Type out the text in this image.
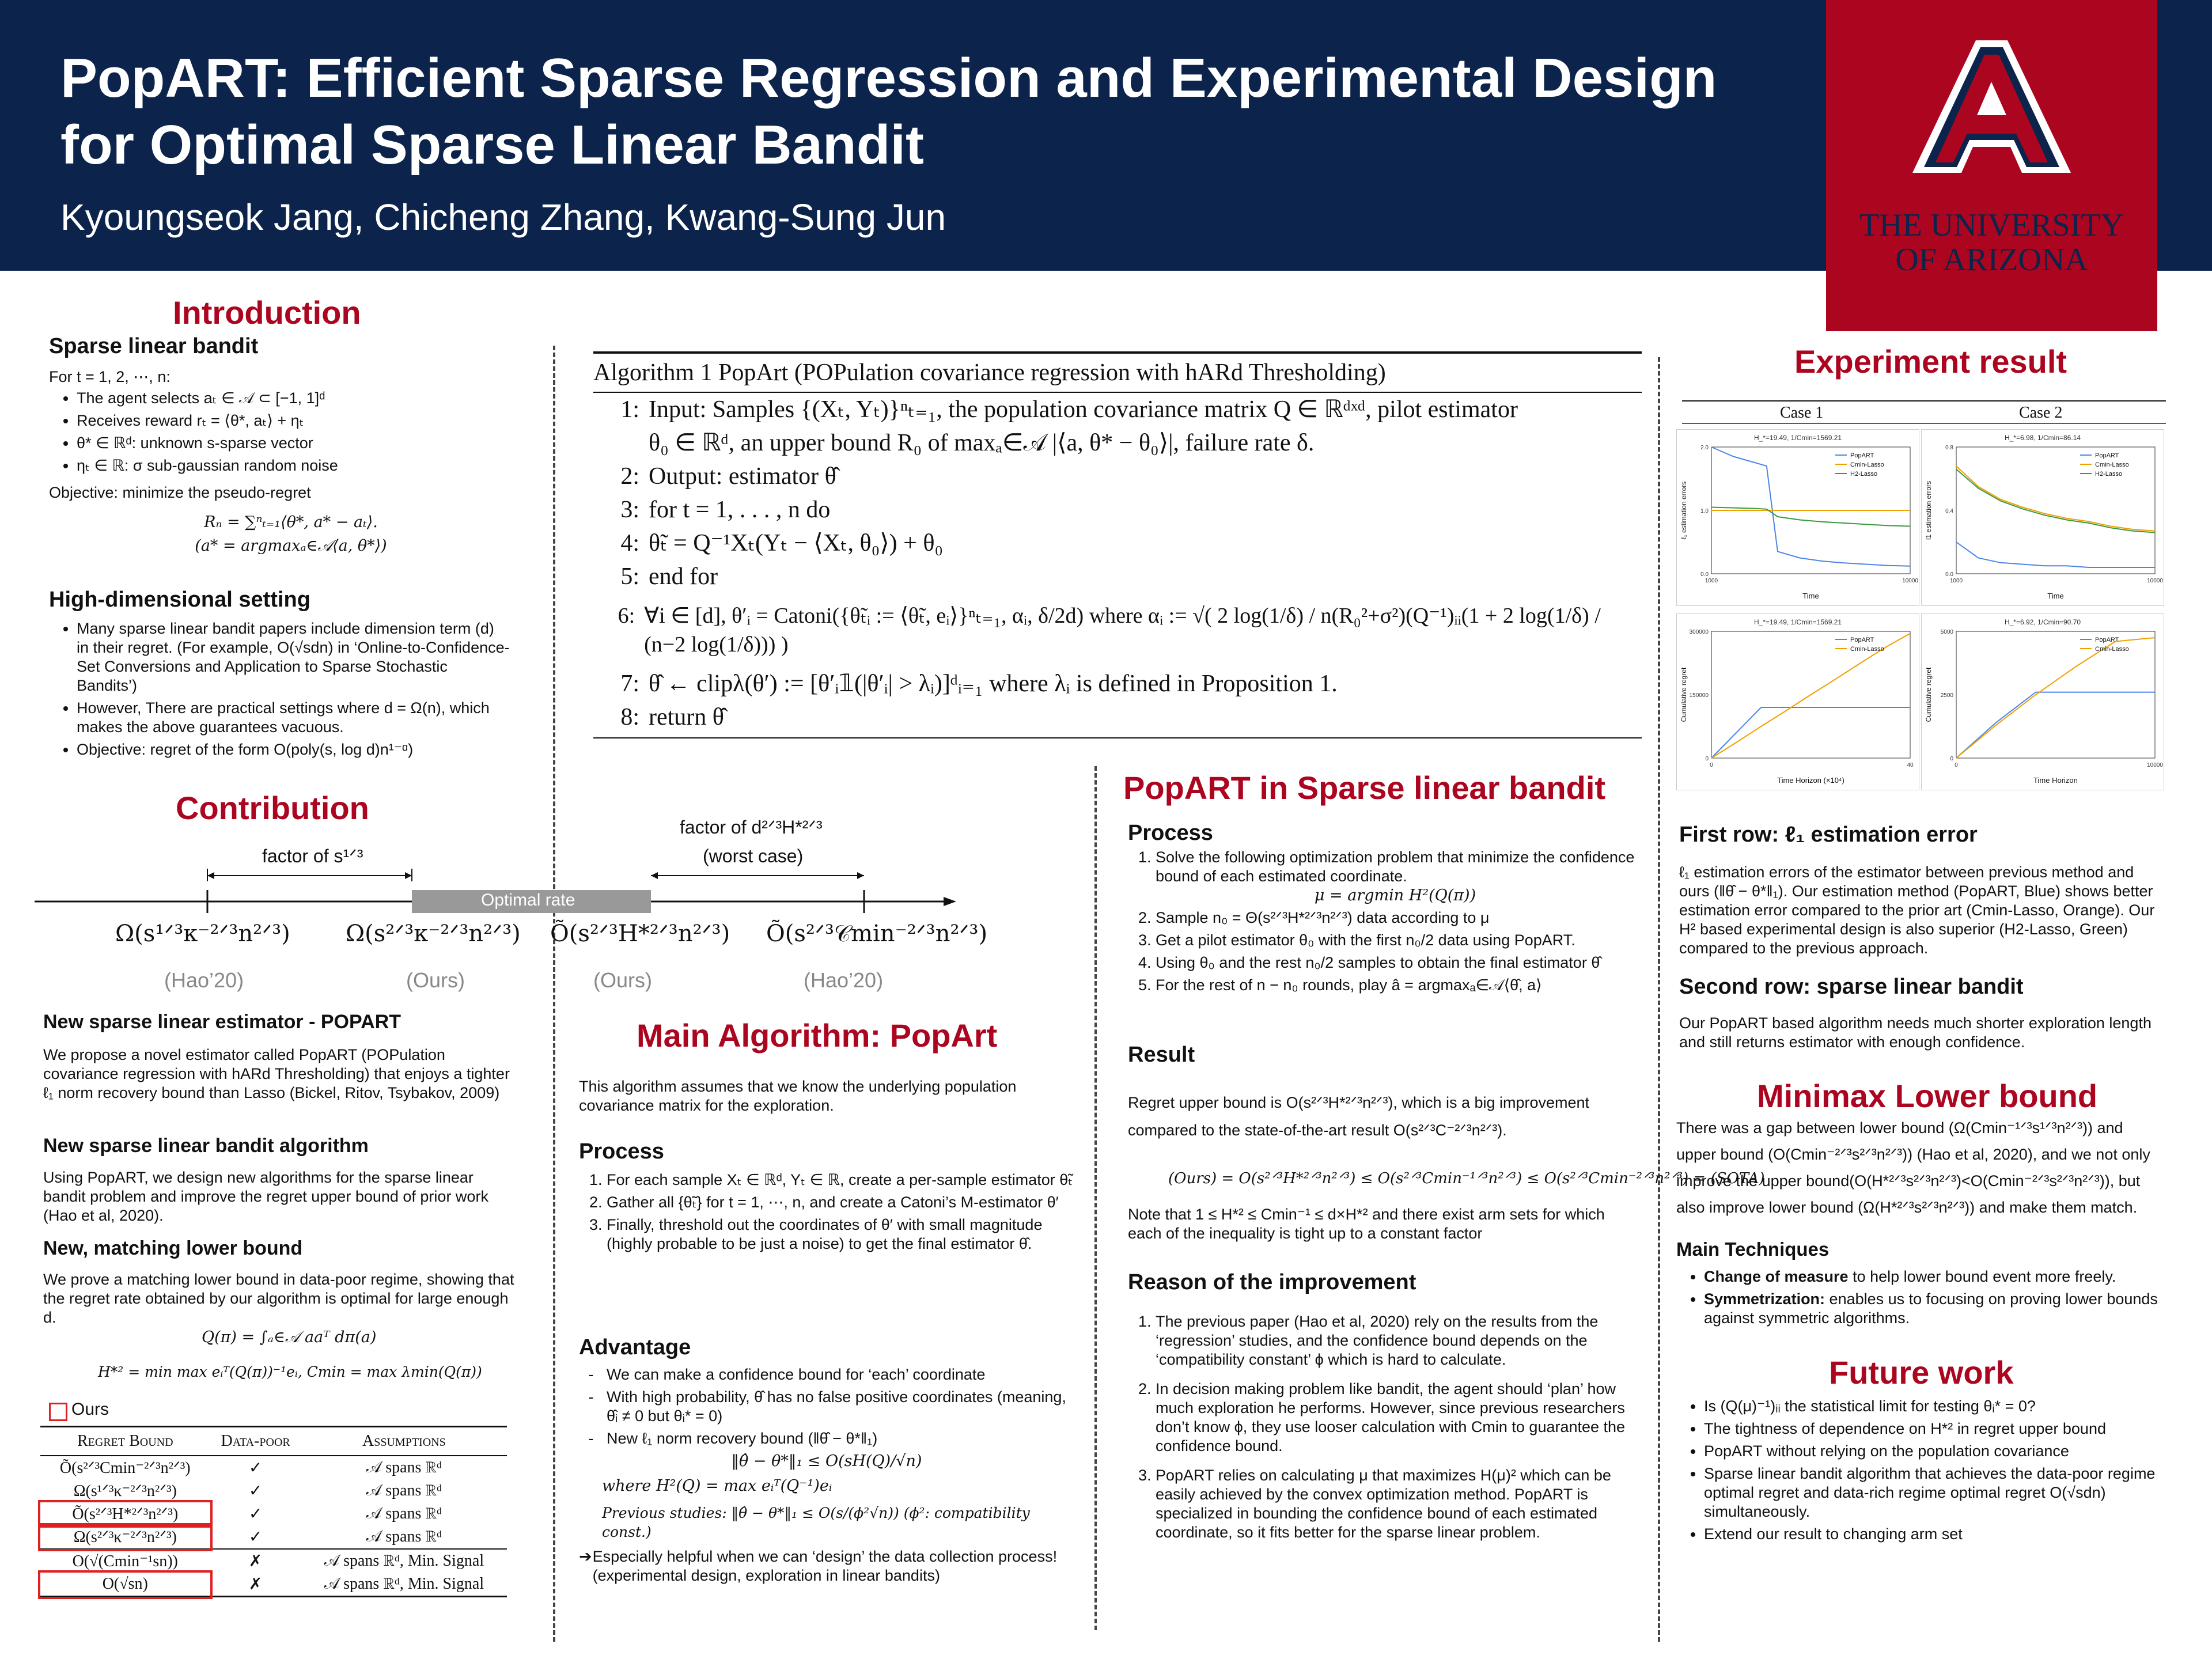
PopART: Efficient Sparse Regression and Experimental Design for Optimal Sparse Linear Bandit
Kyoungseok Jang, Chicheng Zhang, Kwang-Sung Jun	THE UNIVERSITY
OF ARIZONA
Introduction
Sparse linear bandit
For t = 1, 2, ⋯, n:
• The agent selects aₜ ∈ 𝒜 ⊂ [−1, 1]ᵈ
• Receives reward rₜ = ⟨θ*, aₜ⟩ + ηₜ
• θ* ∈ ℝᵈ: unknown s-sparse vector
• ηₜ ∈ ℝ: σ sub-gaussian random noise
Objective: minimize the pseudo-regret
Rₙ = ∑ⁿₜ₌₁⟨θ*, a* − aₜ⟩.
(a* = argmaxₐ∈𝒜⟨a, θ*⟩)
High-dimensional setting
• Many sparse linear bandit papers include dimension term (d) in their regret. (For example, O(√sdn) in ‘Online-to-Confidence-Set Conversions and Application to Sparse Stochastic Bandits’)
• However, There are practical settings where d = Ω(n), which makes the above guarantees vacuous.
• Objective: regret of the form O(poly(s, log d)n¹⁻ᵅ)
Contribution
factor of s¹ᐟ³
factor of d²ᐟ³H*²ᐟ³
(worst case)
Optimal rate
Ω(s¹ᐟ³κ⁻²ᐟ³n²ᐟ³) Ω(s²ᐟ³κ⁻²ᐟ³n²ᐟ³) Õ(s²ᐟ³H*²ᐟ³n²ᐟ³) Õ(s²ᐟ³𝒞min⁻²ᐟ³n²ᐟ³)
(Hao’20)	(Ours)	(Ours)	(Hao’20)
New sparse linear estimator - POPART
We propose a novel estimator called PopART (POPulation covariance regression with hARd Thresholding) that enjoys a tighter ℓ₁ norm recovery bound than Lasso (Bickel, Ritov, Tsybakov, 2009)
New sparse linear bandit algorithm
Using PopART, we design new algorithms for the sparse linear bandit problem and improve the regret upper bound of prior work (Hao et al, 2020).
New, matching lower bound
We prove a matching lower bound in data-poor regime, showing that the regret rate obtained by our algorithm is optimal for large enough d.
Q(π) = ∫ₐ∈𝒜 aaᵀ dπ(a)
H*² = min max eᵢᵀ(Q(π))⁻¹eᵢ, Cmin = max λmin(Q(π))
Ours
Regret Bound	Data-poor	Assumptions
Õ(s²ᐟ³Cmin⁻²ᐟ³n²ᐟ³)	✓	𝒜 spans ℝᵈ
Ω(s¹ᐟ³κ⁻²ᐟ³n²ᐟ³)	✓	𝒜 spans ℝᵈ
Õ(s²ᐟ³H*²ᐟ³n²ᐟ³)	✓	𝒜 spans ℝᵈ
Ω(s²ᐟ³κ⁻²ᐟ³n²ᐟ³)	✓	𝒜 spans ℝᵈ
O(√(Cmin⁻¹sn))	✗	𝒜 spans ℝᵈ, Min. Signal
O(√sn)	✗	𝒜 spans ℝᵈ, Min. Signal
Algorithm 1 PopArt (POPulation covariance regression with hARd Thresholding)
1: Input: Samples {(Xₜ, Yₜ)}ⁿₜ₌₁, the population covariance matrix Q ∈ ℝᵈˣᵈ, pilot estimator
θ₀ ∈ ℝᵈ, an upper bound R₀ of maxₐ∈𝒜 |⟨a, θ* − θ₀⟩|, failure rate δ.
2: Output: estimator θ̂
3: for t = 1, . . . , n do
4: θ̃ₜ = Q⁻¹Xₜ(Yₜ − ⟨Xₜ, θ₀⟩) + θ₀
5: end for
6: ∀i ∈ [d], θ′ᵢ = Catoni({θ̃ₜᵢ := ⟨θ̃ₜ, eᵢ⟩}ⁿₜ₌₁, αᵢ, δ/2d) where αᵢ := √( 2 log(1/δ) / n(R₀²+σ²)(Q⁻¹)ᵢᵢ(1 + 2 log(1/δ) / (n−2 log(1/δ))) )
7: θ̂ ← clipλ(θ′) := [θ′ᵢ𝟙(|θ′ᵢ| > λᵢ)]ᵈᵢ₌₁ where λᵢ is defined in Proposition 1.
8: return θ̂
Main Algorithm: PopArt
This algorithm assumes that we know the underlying population covariance matrix for the exploration.
Process
1. For each sample Xₜ ∈ ℝᵈ, Yₜ ∈ ℝ, create a per-sample estimator θ̃ₜ
2. Gather all {θ̃ₜ} for t = 1, ⋯, n, and create a Catoni’s M-estimator θ′
3. Finally, threshold out the coordinates of θ′ with small magnitude (highly probable to be just a noise) to get the final estimator θ̂.
Advantage
- We can make a confidence bound for ‘each’ coordinate
- With high probability, θ̂ has no false positive coordinates (meaning, θ̂ᵢ ≠ 0 but θᵢ* = 0)
- New ℓ₁ norm recovery bound (‖θ̂ − θ*‖₁)
‖θ̂ − θ*‖₁ ≤ O(sH(Q)/√n)
where H²(Q) = max eᵢᵀ(Q⁻¹)eᵢ
Previous studies: ‖θ̂ − θ*‖₁ ≤ O(s/(ϕ²√n)) (ϕ²: compatibility const.)
➔ Especially helpful when we can ‘design’ the data collection process! (experimental design, exploration in linear bandits)
PopART in Sparse linear bandit
Process
1. Solve the following optimization problem that minimize the confidence bound of each estimated coordinate.
μ = argmin H²(Q(π))
2. Sample n₀ = Θ(s²ᐟ³H*²ᐟ³n²ᐟ³) data according to μ
3. Get a pilot estimator θ₀ with the first n₀/2 data using PopART.
4. Using θ₀ and the rest n₀/2 samples to obtain the final estimator θ̂
5. For the rest of n − n₀ rounds, play â = argmaxₐ∈𝒜⟨θ̂, a⟩
Result
Regret upper bound is O(s²ᐟ³H*²ᐟ³n²ᐟ³), which is a big improvement compared to the state-of-the-art result O(s²ᐟ³C⁻²ᐟ³n²ᐟ³).
(Ours) = O(s²ᐟ³H*²ᐟ³n²ᐟ³) ≤ O(s²ᐟ³Cmin⁻¹ᐟ³n²ᐟ³) ≤ O(s²ᐟ³Cmin⁻²ᐟ³n²ᐟ³) = (SOTA)
Note that 1 ≤ H*² ≤ Cmin⁻¹ ≤ d×H*² and there exist arm sets for which each of the inequality is tight up to a constant factor
Reason of the improvement
1. The previous paper (Hao et al, 2020) rely on the results from the ‘regression’ studies, and the confidence bound depends on the ‘compatibility constant’ ϕ which is hard to calculate.
2. In decision making problem like bandit, the agent should ‘plan’ how much exploration he performs. However, since previous researchers don’t know ϕ, they use looser calculation with Cmin to guarantee the confidence bound.
3. PopART relies on calculating μ that maximizes H(μ)² which can be easily achieved by the convex optimization method. PopART is specialized in bounding the confidence bound of each estimated coordinate, so it fits better for the sparse linear problem.
Experiment result
Case 1	Case 2
H_*=19.49, 1/Cmin=1569.21
Time
ℓ₁ estimation errors
0.0
1.0
2.0
1000	10000
PopART
Cmin-Lasso
H2-Lasso
H_*=6.98, 1/Cmin=86.14
Time
l1 estimation errors
0.0
0.4
0.8
1000	10000
PopART
Cmin-Lasso
H2-Lasso
H_*=19.49, 1/Cmin=1569.21
Time Horizon (×10⁴)
Cumulative regret
0
150000
300000
0	40
PopART
Cmin-Lasso
H_*=6.92, 1/Cmin=90.70
Time Horizon
Cumulative regret
0
2500
5000
0	10000
PopART
Cmin-Lasso
First row: ℓ₁ estimation error
ℓ₁ estimation errors of the estimator between previous method and ours (‖θ̂ − θ*‖₁). Our estimation method (PopART, Blue) shows better estimation error compared to the prior art (Cmin-Lasso, Orange). Our H² based experimental design is also superior (H2-Lasso, Green) compared to the previous approach.
Second row: sparse linear bandit
Our PopART based algorithm needs much shorter exploration length and still returns estimator with enough confidence.
Minimax Lower bound
There was a gap between lower bound (Ω(Cmin⁻¹ᐟ³s¹ᐟ³n²ᐟ³)) and upper bound (O(Cmin⁻²ᐟ³s²ᐟ³n²ᐟ³)) (Hao et al, 2020), and we not only improve the upper bound(O(H*²ᐟ³s²ᐟ³n²ᐟ³)<O(Cmin⁻²ᐟ³s²ᐟ³n²ᐟ³)), but also improve lower bound (Ω(H*²ᐟ³s²ᐟ³n²ᐟ³)) and make them match.
Main Techniques
• Change of measure to help lower bound event more freely.
• Symmetrization: enables us to focusing on proving lower bounds against symmetric algorithms.
Future work
• Is (Q(μ)⁻¹)ᵢᵢ the statistical limit for testing θᵢ* = 0?
• The tightness of dependence on H*² in regret upper bound
• PopART without relying on the population covariance
• Sparse linear bandit algorithm that achieves the data-poor regime optimal regret and data-rich regime optimal regret O(√sdn) simultaneously.
• Extend our result to changing arm set
